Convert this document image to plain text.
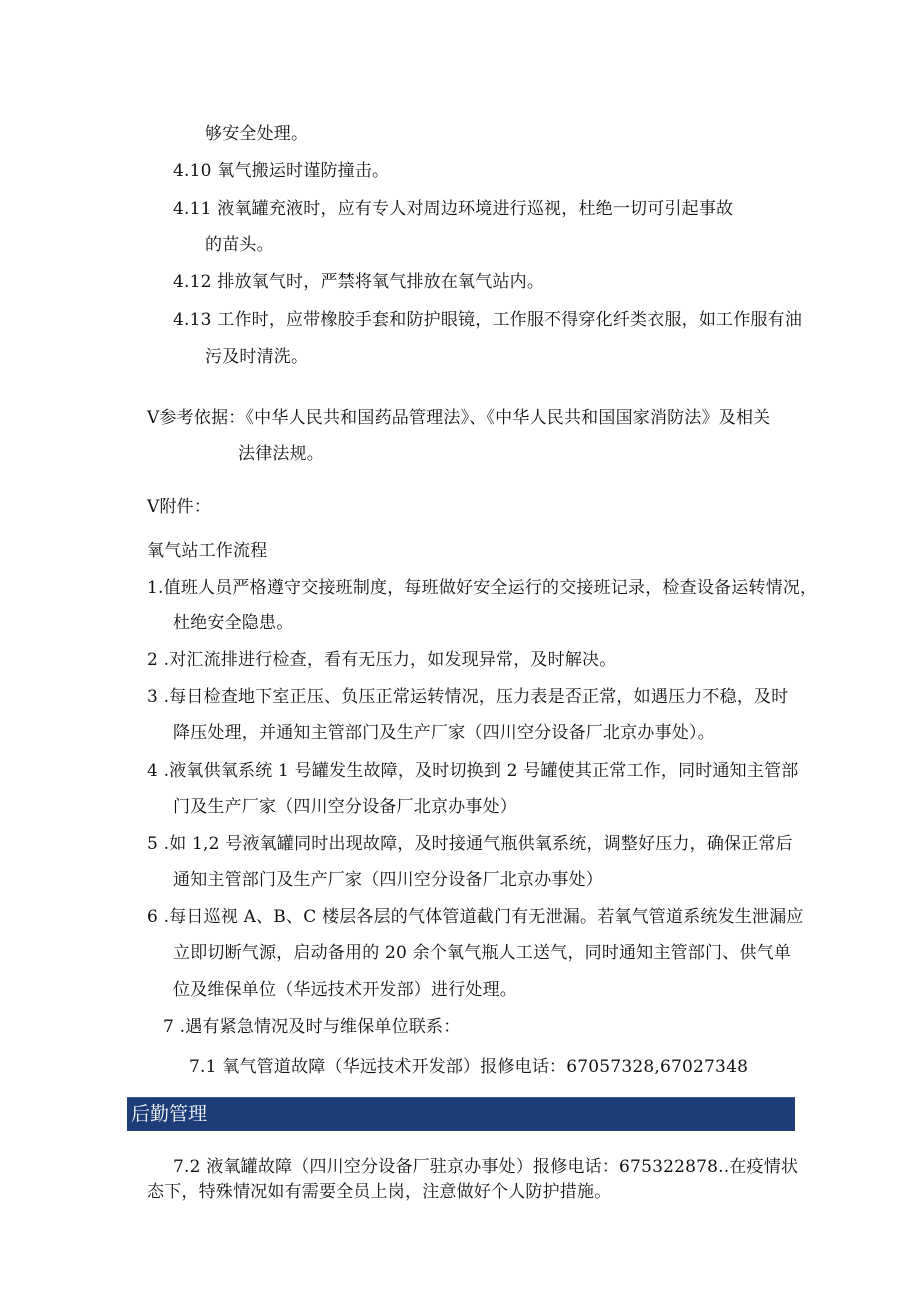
够安全处理。
4.10 氧气搬运时谨防撞击。
4.11 液氧罐充液时，应有专人对周边环境进行巡视，杜绝一切可引起事故
的苗头。
4.12 排放氧气时，严禁将氧气排放在氧气站内。
4.13 工作时，应带橡胶手套和防护眼镜，工作服不得穿化纤类衣服，如工作服有油
污及时清洗。
V参考依据：《中华人民共和国药品管理法》、《中华人民共和国国家消防法》及相关
法律法规。
V附件：
氧气站工作流程
1.值班人员严格遵守交接班制度，每班做好安全运行的交接班记录，检查设备运转情况，
杜绝安全隐患。
2 .对汇流排进行检查，看有无压力，如发现异常，及时解决。
3 .每日检查地下室正压、负压正常运转情况，压力表是否正常，如遇压力不稳，及时
降压处理，并通知主管部门及生产厂家（四川空分设备厂北京办事处）。
4 .液氧供氧系统 1 号罐发生故障，及时切换到 2 号罐使其正常工作，同时通知主管部
门及生产厂家（四川空分设备厂北京办事处）
5 .如 1,2 号液氧罐同时出现故障，及时接通气瓶供氧系统，调整好压力，确保正常后
通知主管部门及生产厂家（四川空分设备厂北京办事处）
6 .每日巡视 A、B、C 楼层各层的气体管道截门有无泄漏。若氧气管道系统发生泄漏应
立即切断气源，启动备用的 20 余个氧气瓶人工送气，同时通知主管部门、供气单
位及维保单位（华远技术开发部）进行处理。
7 .遇有紧急情况及时与维保单位联系：
7.1 氧气管道故障（华远技术开发部）报修电话：67057328,67027348
后勤管理
7.2 液氧罐故障（四川空分设备厂驻京办事处）报修电话：675322878..在疫情状
态下，特殊情况如有需要全员上岗，注意做好个人防护措施。
